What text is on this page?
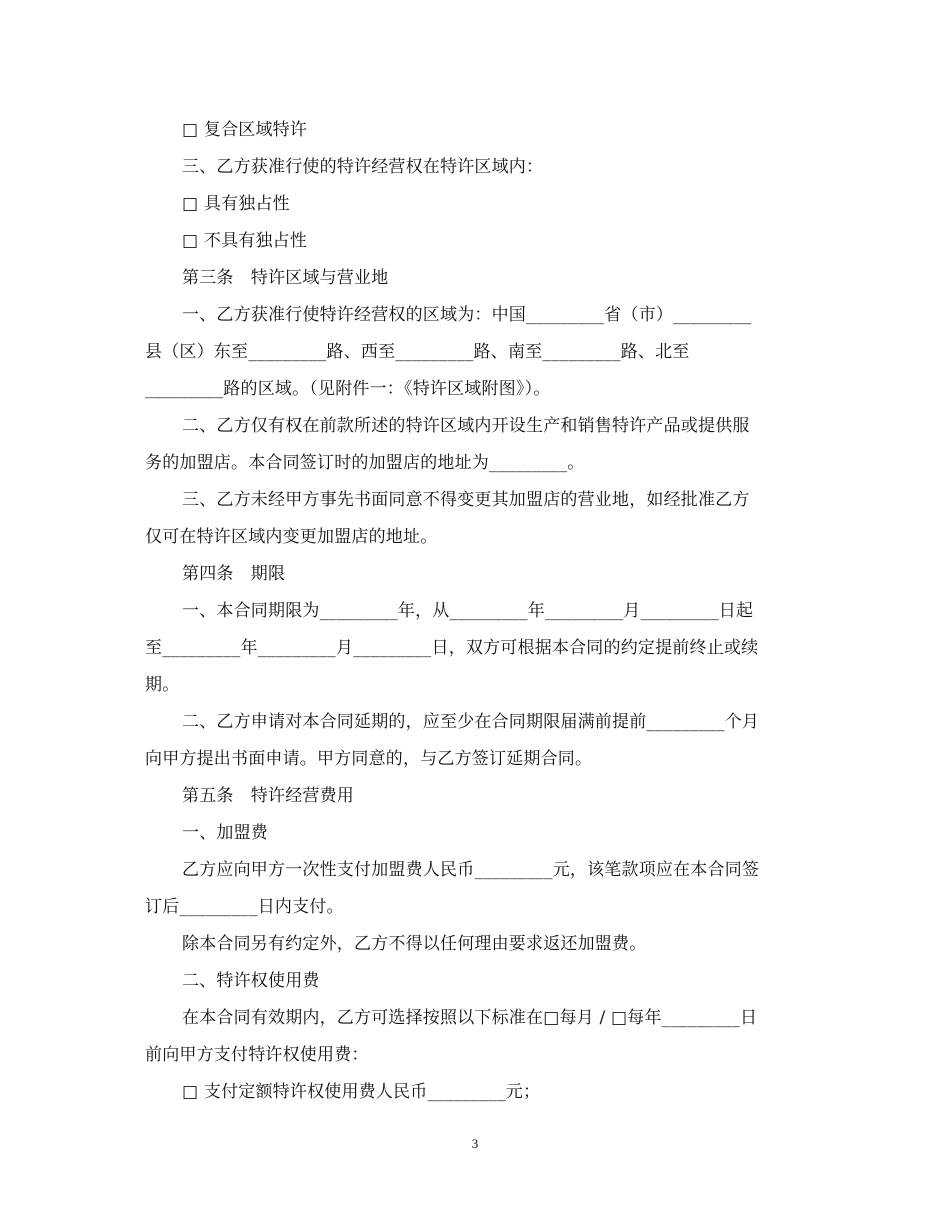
□ 复合区域特许
三、乙方获准行使的特许经营权在特许区域内：
□ 具有独占性
□ 不具有独占性
第三条　特许区域与营业地
一、乙方获准行使特许经营权的区域为：中国_________省（市）_________
县（区）东至_________路、西至_________路、南至_________路、北至
_________路的区域。（见附件一：《特许区域附图》）。
二、乙方仅有权在前款所述的特许区域内开设生产和销售特许产品或提供服
务的加盟店。本合同签订时的加盟店的地址为_________。
三、乙方未经甲方事先书面同意不得变更其加盟店的营业地，如经批准乙方
仅可在特许区域内变更加盟店的地址。
第四条　期限
一、本合同期限为_________年，从_________年_________月_________日起
至_________年_________月_________日，双方可根据本合同的约定提前终止或续
期。
二、乙方申请对本合同延期的，应至少在合同期限届满前提前_________个月
向甲方提出书面申请。甲方同意的，与乙方签订延期合同。
第五条　特许经营费用
一、加盟费
乙方应向甲方一次性支付加盟费人民币_________元，该笔款项应在本合同签
订后_________日内支付。
除本合同另有约定外，乙方不得以任何理由要求返还加盟费。
二、特许权使用费
在本合同有效期内，乙方可选择按照以下标准在□每月 / □每年_________日
前向甲方支付特许权使用费：
□ 支付定额特许权使用费人民币_________元；
3
